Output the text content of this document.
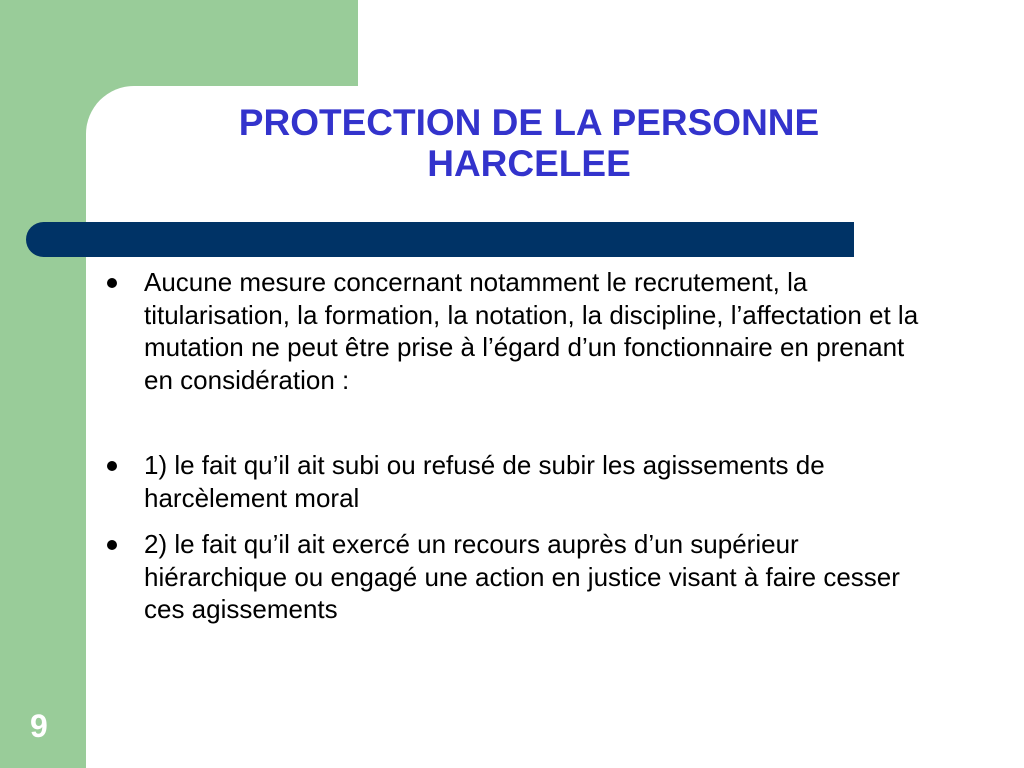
PROTECTION DE LA PERSONNE
HARCELEE
Aucune mesure concernant notamment le recrutement, la titularisation, la formation, la notation, la discipline, l’affectation et la mutation ne peut être prise à l’égard d’un fonctionnaire en prenant en considération :
1) le fait qu’il ait subi ou refusé de subir les agissements de harcèlement moral
2) le fait qu’il ait exercé un recours auprès d’un supérieur hiérarchique ou engagé une action en justice visant à faire cesser ces agissements
9
